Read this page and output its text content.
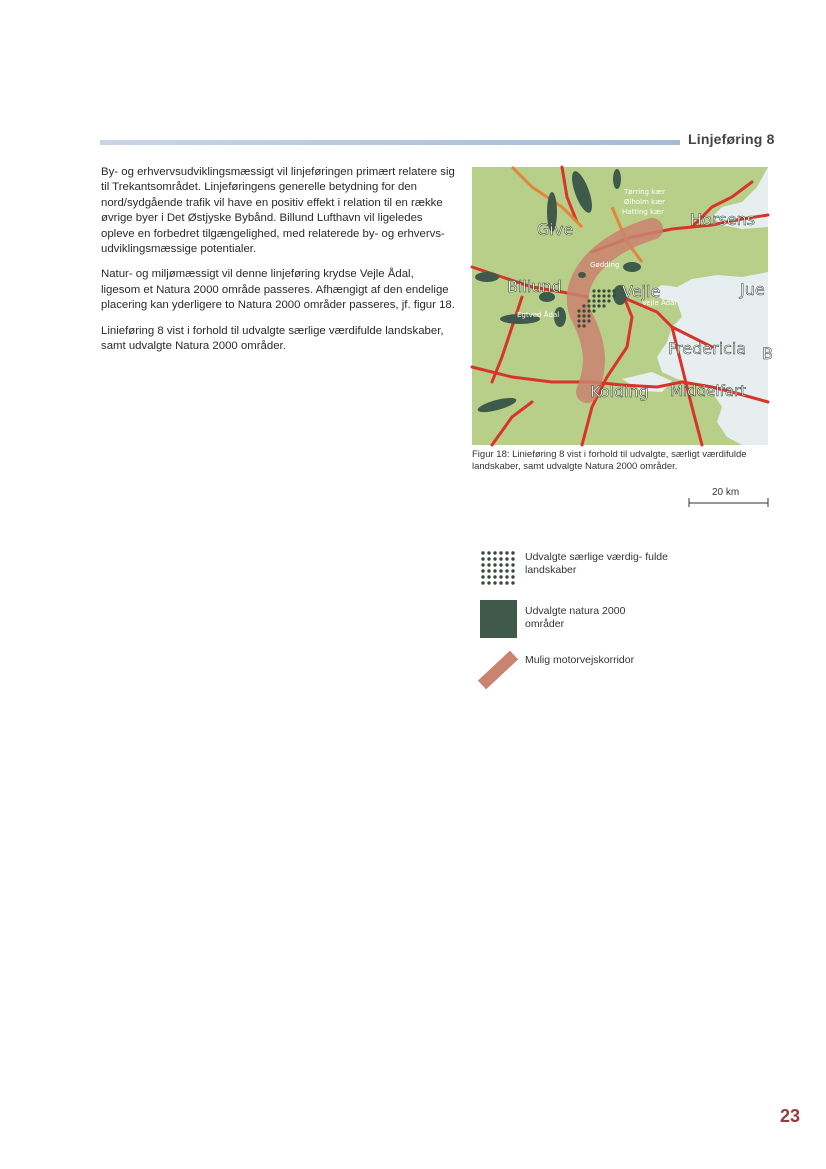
Linjeføring 8

By- og erhvervsudviklingsmæssigt vil linjeføringen primært relatere sig til Trekantsområdet. Linjeføringens generelle betydning for den nord/sydgående trafik vil have en positiv effekt i relation til en række øvrige byer i Det Østjyske Bybånd. Billund Lufthavn vil ligeledes opleve en forbedret tilgængelighed, med relaterede by- og erhvervs-udviklingsmæssige potentialer.

Natur- og miljømæssigt vil denne linjeføring krydse Vejle Ådal, ligesom et Natura 2000 område passeres. Afhængigt af den endelige placering kan yderligere to Natura 2000 områder passeres, jf. figur 18.

Linieføring 8 vist i forhold til udvalgte særlige værdifulde landskaber, samt udvalgte Natura 2000 områder.

Give
Horsens
Billund	Vejle	Jue
Fredericia
Kolding Middelfart
B
Tørring kær
Ølholm kær
Hatting kær
Gødding
Vejle Ådal
Egtved Ådal
Figur 18: Linieføring 8 vist i forhold til udvalgte, særligt værdifulde landskaber, samt udvalgte Natura 2000 områder.
20 km
Udvalgte særlige værdig- fulde landskaber
Udvalgte natura 2000 områder
Mulig motorvejskorridor
23
